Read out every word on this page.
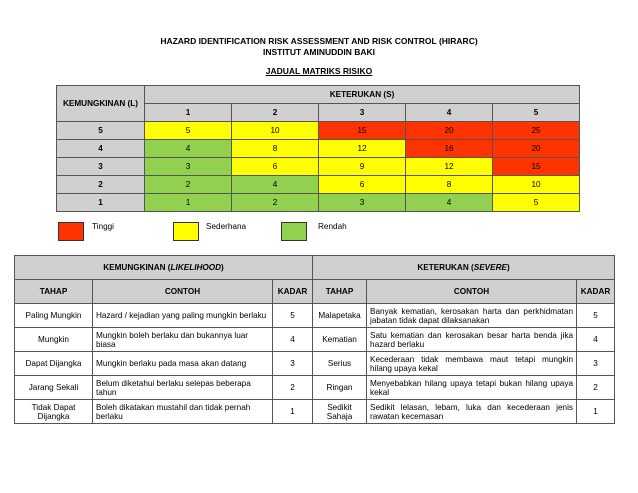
HAZARD IDENTIFICATION RISK ASSESSMENT AND RISK CONTROL (HIRARC)
INSTITUT AMINUDDIN BAKI
JADUAL MATRIKS RISIKO
KEMUNGKINAN (L)	KETERUKAN (S)				
	1	2	3	4	5
5	5	10	15	20	25
4	4	8	12	16	20
3	3	6	9	12	15
2	2	4	6	8	10
1	1	2	3	4	5
Tinggi	Sederhana	Rendah
KEMUNGKINAN (LIKELIHOOD)			KETERUKAN (SEVERE)		
TAHAP	CONTOH	KADAR	TAHAP	CONTOH	KADAR
Paling Mungkin	Hazard / kejadian yang paling mungkin berlaku	5	Malapetaka	Banyak kematian, kerosakan harta dan perkhidmatan jabatan tidak dapat dilaksanakan	5
Mungkin	Mungkin boleh berlaku dan bukannya luar biasa	4	Kematian	Satu kematian dan kerosakan besar harta benda jika hazard berlaku	4
Dapat Dijangka	Mungkin berlaku pada masa akan datang	3	Serius	Kecederaan tidak membawa maut tetapi mungkin hilang upaya kekal	3
Jarang Sekali	Belum diketahui berlaku selepas beberapa tahun	2	Ringan	Menyebabkan hilang upaya tetapi bukan hilang upaya kekal	2
Tidak Dapat Dijangka	Boleh dikatakan mustahil dan tidak pernah berlaku	1	Sedikit Sahaja	Sedikit lelasan, lebam, luka dan kecederaan jenis rawatan kecemasan	1
